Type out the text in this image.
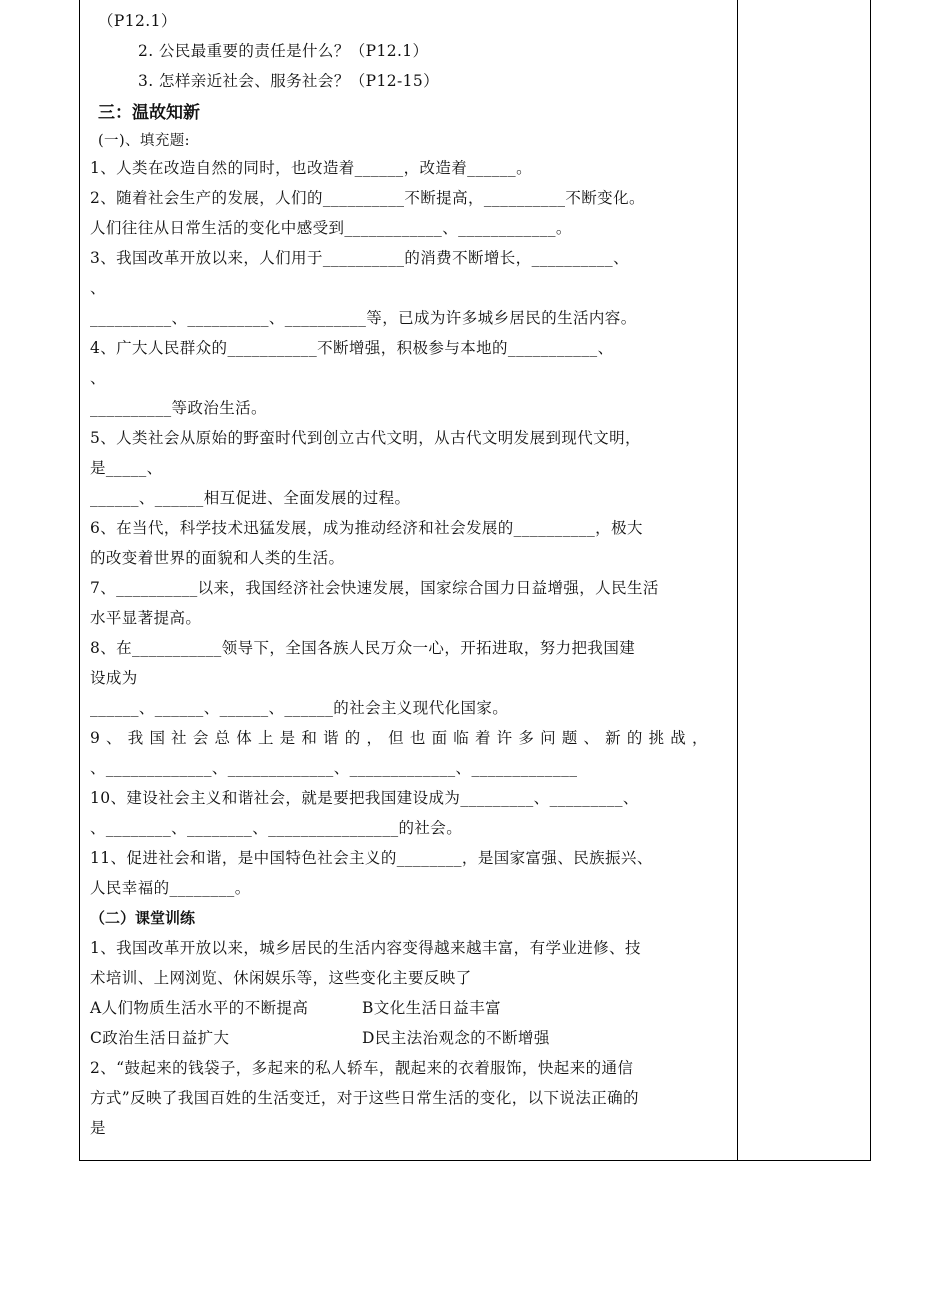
（P12.1）
2. 公民最重要的责任是什么？（P12.1）
3. 怎样亲近社会、服务社会？（P12-15）
三：温故知新
(一)、填充题:
1、人类在改造自然的同时，也改造着______，改造着______。
2、随着社会生产的发展，人们的__________不断提高，__________不断变化。
人们往往从日常生活的变化中感受到____________、____________。
3、我国改革开放以来，人们用于__________的消费不断增长，__________、
、
__________、__________、__________等，已成为许多城乡居民的生活内容。
4、广大人民群众的___________不断增强，积极参与本地的___________、
、
__________等政治生活。
5、人类社会从原始的野蛮时代到创立古代文明，从古代文明发展到现代文明，
是_____、
______、______相互促进、全面发展的过程。
6、在当代，科学技术迅猛发展，成为推动经济和社会发展的__________，极大
的改变着世界的面貌和人类的生活。
7、__________以来，我国经济社会快速发展，国家综合国力日益增强，人民生活
水平显著提高。
8、在___________领导下，全国各族人民万众一心，开拓进取，努力把我国建
设成为
______、______、______、______的社会主义现代化国家。
9、我国社会总体上是和谐的，但也面临着许多问题、新的挑战，
、_____________、_____________、_____________、_____________
10、建设社会主义和谐社会，就是要把我国建设成为_________、_________、
、________、________、________________的社会。
11、促进社会和谐，是中国特色社会主义的________，是国家富强、民族振兴、
人民幸福的________。
（二）课堂训练
1、我国改革开放以来，城乡居民的生活内容变得越来越丰富，有学业进修、技
术培训、上网浏览、休闲娱乐等，这些变化主要反映了
A人们物质生活水平的不断提高	B文化生活日益丰富
C政治生活日益扩大	D民主法治观念的不断增强
2、“鼓起来的钱袋子，多起来的私人轿车，靓起来的衣着服饰，快起来的通信
方式”反映了我国百姓的生活变迁，对于这些日常生活的变化，以下说法正确的
是
